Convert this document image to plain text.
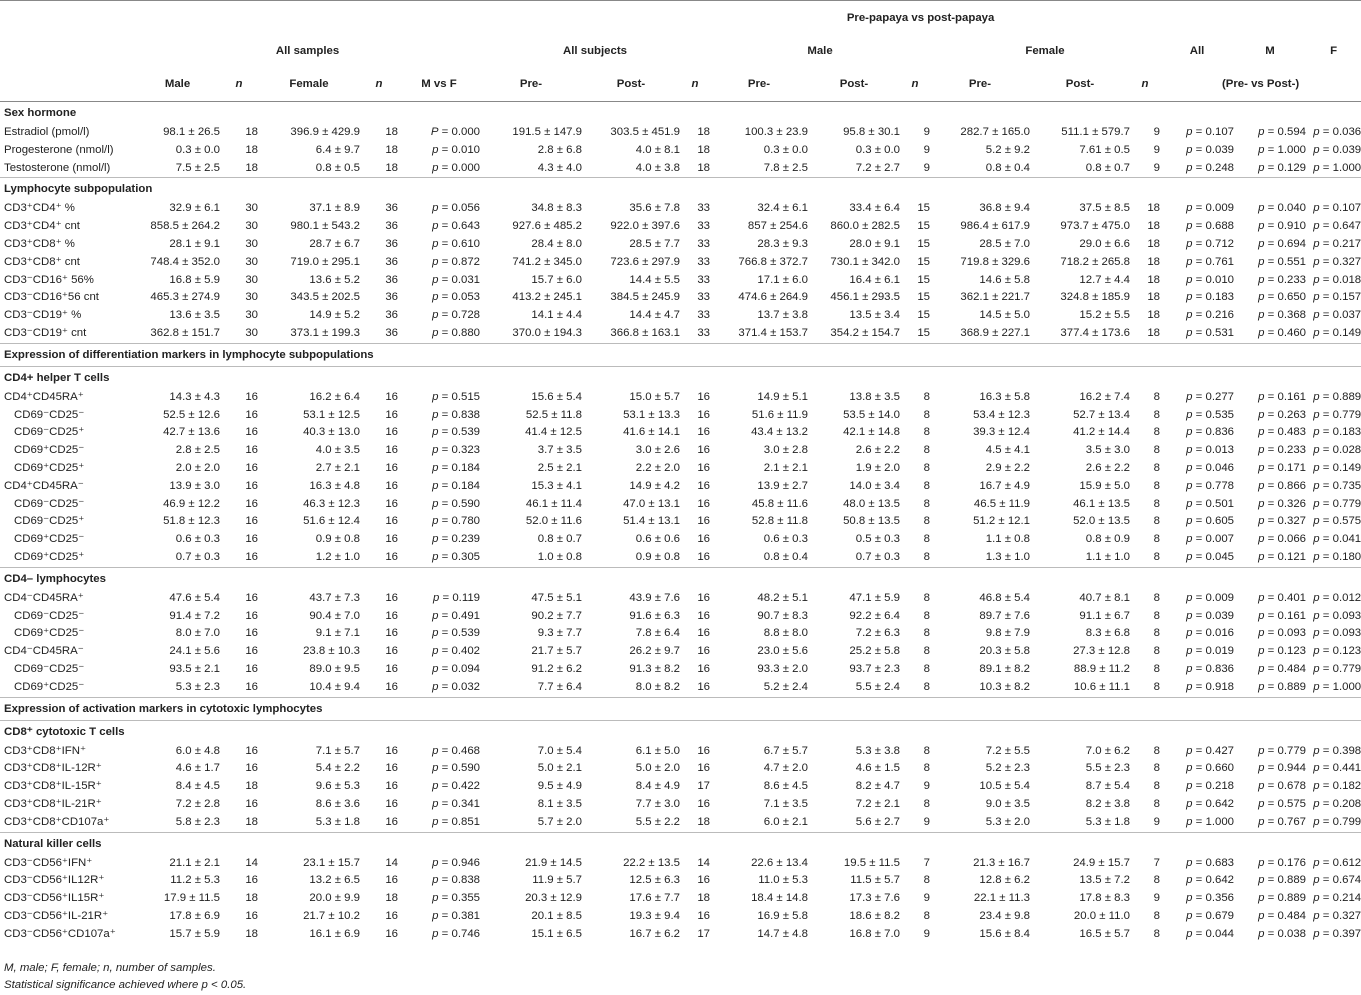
						Pre-papaya vs post-papaya											
	All samples					All subjects			Male			Female			All	M	F
	Male	n	Female	n	M vs F	Pre-	Post-	n	Pre-	Post-	n	Pre-	Post-	n	(Pre- vs Post-)		
Sex hormone																	
Estradiol (pmol/l)	98.1 ± 26.5	18	396.9 ± 429.9	18	P = 0.000	191.5 ± 147.9	303.5 ± 451.9	18	100.3 ± 23.9	95.8 ± 30.1	9	282.7 ± 165.0	511.1 ± 579.7	9	p = 0.107	p = 0.594	p = 0.036
Progesterone (nmol/l)	0.3 ± 0.0	18	6.4 ± 9.7	18	p = 0.010	2.8 ± 6.8	4.0 ± 8.1	18	0.3 ± 0.0	0.3 ± 0.0	9	5.2 ± 9.2	7.61 ± 0.5	9	p = 0.039	p = 1.000	p = 0.039
Testosterone (nmol/l)	7.5 ± 2.5	18	0.8 ± 0.5	18	p = 0.000	4.3 ± 4.0	4.0 ± 3.8	18	7.8 ± 2.5	7.2 ± 2.7	9	0.8 ± 0.4	0.8 ± 0.7	9	p = 0.248	p = 0.129	p = 1.000
Lymphocyte subpopulation																	
CD3⁺CD4⁺ %	32.9 ± 6.1	30	37.1 ± 8.9	36	p = 0.056	34.8 ± 8.3	35.6 ± 7.8	33	32.4 ± 6.1	33.4 ± 6.4	15	36.8 ± 9.4	37.5 ± 8.5	18	p = 0.009	p = 0.040	p = 0.107
CD3⁺CD4⁺ cnt	858.5 ± 264.2	30	980.1 ± 543.2	36	p = 0.643	927.6 ± 485.2	922.0 ± 397.6	33	857 ± 254.6	860.0 ± 282.5	15	986.4 ± 617.9	973.7 ± 475.0	18	p = 0.688	p = 0.910	p = 0.647
CD3⁺CD8⁺ %	28.1 ± 9.1	30	28.7 ± 6.7	36	p = 0.610	28.4 ± 8.0	28.5 ± 7.7	33	28.3 ± 9.3	28.0 ± 9.1	15	28.5 ± 7.0	29.0 ± 6.6	18	p = 0.712	p = 0.694	p = 0.217
CD3⁺CD8⁺ cnt	748.4 ± 352.0	30	719.0 ± 295.1	36	p = 0.872	741.2 ± 345.0	723.6 ± 297.9	33	766.8 ± 372.7	730.1 ± 342.0	15	719.8 ± 329.6	718.2 ± 265.8	18	p = 0.761	p = 0.551	p = 0.327
CD3⁻CD16⁺ 56%	16.8 ± 5.9	30	13.6 ± 5.2	36	p = 0.031	15.7 ± 6.0	14.4 ± 5.5	33	17.1 ± 6.0	16.4 ± 6.1	15	14.6 ± 5.8	12.7 ± 4.4	18	p = 0.010	p = 0.233	p = 0.018
CD3⁻CD16⁺56 cnt	465.3 ± 274.9	30	343.5 ± 202.5	36	p = 0.053	413.2 ± 245.1	384.5 ± 245.9	33	474.6 ± 264.9	456.1 ± 293.5	15	362.1 ± 221.7	324.8 ± 185.9	18	p = 0.183	p = 0.650	p = 0.157
CD3⁻CD19⁺ %	13.6 ± 3.5	30	14.9 ± 5.2	36	p = 0.728	14.1 ± 4.4	14.4 ± 4.7	33	13.7 ± 3.8	13.5 ± 3.4	15	14.5 ± 5.0	15.2 ± 5.5	18	p = 0.216	p = 0.368	p = 0.037
CD3⁻CD19⁺ cnt	362.8 ± 151.7	30	373.1 ± 199.3	36	p = 0.880	370.0 ± 194.3	366.8 ± 163.1	33	371.4 ± 153.7	354.2 ± 154.7	15	368.9 ± 227.1	377.4 ± 173.6	18	p = 0.531	p = 0.460	p = 0.149
Expression of differentiation markers in lymphocyte subpopulations																	
CD4+ helper T cells																	
CD4⁺CD45RA⁺	14.3 ± 4.3	16	16.2 ± 6.4	16	p = 0.515	15.6 ± 5.4	15.0 ± 5.7	16	14.9 ± 5.1	13.8 ± 3.5	8	16.3 ± 5.8	16.2 ± 7.4	8	p = 0.277	p = 0.161	p = 0.889
CD69⁻CD25⁻	52.5 ± 12.6	16	53.1 ± 12.5	16	p = 0.838	52.5 ± 11.8	53.1 ± 13.3	16	51.6 ± 11.9	53.5 ± 14.0	8	53.4 ± 12.3	52.7 ± 13.4	8	p = 0.535	p = 0.263	p = 0.779
CD69⁻CD25⁺	42.7 ± 13.6	16	40.3 ± 13.0	16	p = 0.539	41.4 ± 12.5	41.6 ± 14.1	16	43.4 ± 13.2	42.1 ± 14.8	8	39.3 ± 12.4	41.2 ± 14.4	8	p = 0.836	p = 0.483	p = 0.183
CD69⁺CD25⁻	2.8 ± 2.5	16	4.0 ± 3.5	16	p = 0.323	3.7 ± 3.5	3.0 ± 2.6	16	3.0 ± 2.8	2.6 ± 2.2	8	4.5 ± 4.1	3.5 ± 3.0	8	p = 0.013	p = 0.233	p = 0.028
CD69⁺CD25⁺	2.0 ± 2.0	16	2.7 ± 2.1	16	p = 0.184	2.5 ± 2.1	2.2 ± 2.0	16	2.1 ± 2.1	1.9 ± 2.0	8	2.9 ± 2.2	2.6 ± 2.2	8	p = 0.046	p = 0.171	p = 0.149
CD4⁺CD45RA⁻	13.9 ± 3.0	16	16.3 ± 4.8	16	p = 0.184	15.3 ± 4.1	14.9 ± 4.2	16	13.9 ± 2.7	14.0 ± 3.4	8	16.7 ± 4.9	15.9 ± 5.0	8	p = 0.778	p = 0.866	p = 0.735
CD69⁻CD25⁻	46.9 ± 12.2	16	46.3 ± 12.3	16	p = 0.590	46.1 ± 11.4	47.0 ± 13.1	16	45.8 ± 11.6	48.0 ± 13.5	8	46.5 ± 11.9	46.1 ± 13.5	8	p = 0.501	p = 0.326	p = 0.779
CD69⁻CD25⁺	51.8 ± 12.3	16	51.6 ± 12.4	16	p = 0.780	52.0 ± 11.6	51.4 ± 13.1	16	52.8 ± 11.8	50.8 ± 13.5	8	51.2 ± 12.1	52.0 ± 13.5	8	p = 0.605	p = 0.327	p = 0.575
CD69⁺CD25⁻	0.6 ± 0.3	16	0.9 ± 0.8	16	p = 0.239	0.8 ± 0.7	0.6 ± 0.6	16	0.6 ± 0.3	0.5 ± 0.3	8	1.1 ± 0.8	0.8 ± 0.9	8	p = 0.007	p = 0.066	p = 0.041
CD69⁺CD25⁺	0.7 ± 0.3	16	1.2 ± 1.0	16	p = 0.305	1.0 ± 0.8	0.9 ± 0.8	16	0.8 ± 0.4	0.7 ± 0.3	8	1.3 ± 1.0	1.1 ± 1.0	8	p = 0.045	p = 0.121	p = 0.180
CD4– lymphocytes																	
CD4⁻CD45RA⁺	47.6 ± 5.4	16	43.7 ± 7.3	16	p = 0.119	47.5 ± 5.1	43.9 ± 7.6	16	48.2 ± 5.1	47.1 ± 5.9	8	46.8 ± 5.4	40.7 ± 8.1	8	p = 0.009	p = 0.401	p = 0.012
CD69⁻CD25⁻	91.4 ± 7.2	16	90.4 ± 7.0	16	p = 0.491	90.2 ± 7.7	91.6 ± 6.3	16	90.7 ± 8.3	92.2 ± 6.4	8	89.7 ± 7.6	91.1 ± 6.7	8	p = 0.039	p = 0.161	p = 0.093
CD69⁺CD25⁻	8.0 ± 7.0	16	9.1 ± 7.1	16	p = 0.539	9.3 ± 7.7	7.8 ± 6.4	16	8.8 ± 8.0	7.2 ± 6.3	8	9.8 ± 7.9	8.3 ± 6.8	8	p = 0.016	p = 0.093	p = 0.093
CD4⁻CD45RA⁻	24.1 ± 5.6	16	23.8 ± 10.3	16	p = 0.402	21.7 ± 5.7	26.2 ± 9.7	16	23.0 ± 5.6	25.2 ± 5.8	8	20.3 ± 5.8	27.3 ± 12.8	8	p = 0.019	p = 0.123	p = 0.123
CD69⁻CD25⁻	93.5 ± 2.1	16	89.0 ± 9.5	16	p = 0.094	91.2 ± 6.2	91.3 ± 8.2	16	93.3 ± 2.0	93.7 ± 2.3	8	89.1 ± 8.2	88.9 ± 11.2	8	p = 0.836	p = 0.484	p = 0.779
CD69⁺CD25⁻	5.3 ± 2.3	16	10.4 ± 9.4	16	p = 0.032	7.7 ± 6.4	8.0 ± 8.2	16	5.2 ± 2.4	5.5 ± 2.4	8	10.3 ± 8.2	10.6 ± 11.1	8	p = 0.918	p = 0.889	p = 1.000
Expression of activation markers in cytotoxic lymphocytes																	
CD8⁺ cytotoxic T cells																	
CD3⁺CD8⁺IFN⁺	6.0 ± 4.8	16	7.1 ± 5.7	16	p = 0.468	7.0 ± 5.4	6.1 ± 5.0	16	6.7 ± 5.7	5.3 ± 3.8	8	7.2 ± 5.5	7.0 ± 6.2	8	p = 0.427	p = 0.779	p = 0.398
CD3⁺CD8⁺IL-12R⁺	4.6 ± 1.7	16	5.4 ± 2.2	16	p = 0.590	5.0 ± 2.1	5.0 ± 2.0	16	4.7 ± 2.0	4.6 ± 1.5	8	5.2 ± 2.3	5.5 ± 2.3	8	p = 0.660	p = 0.944	p = 0.441
CD3⁺CD8⁺IL-15R⁺	8.4 ± 4.5	18	9.6 ± 5.3	16	p = 0.422	9.5 ± 4.9	8.4 ± 4.9	17	8.6 ± 4.5	8.2 ± 4.7	9	10.5 ± 5.4	8.7 ± 5.4	8	p = 0.218	p = 0.678	p = 0.182
CD3⁺CD8⁺IL-21R⁺	7.2 ± 2.8	16	8.6 ± 3.6	16	p = 0.341	8.1 ± 3.5	7.7 ± 3.0	16	7.1 ± 3.5	7.2 ± 2.1	8	9.0 ± 3.5	8.2 ± 3.8	8	p = 0.642	p = 0.575	p = 0.208
CD3⁺CD8⁺CD107a⁺	5.8 ± 2.3	18	5.3 ± 1.8	16	p = 0.851	5.7 ± 2.0	5.5 ± 2.2	18	6.0 ± 2.1	5.6 ± 2.7	9	5.3 ± 2.0	5.3 ± 1.8	9	p = 1.000	p = 0.767	p = 0.799
Natural killer cells																	
CD3⁻CD56⁺IFN⁺	21.1 ± 2.1	14	23.1 ± 15.7	14	p = 0.946	21.9 ± 14.5	22.2 ± 13.5	14	22.6 ± 13.4	19.5 ± 11.5	7	21.3 ± 16.7	24.9 ± 15.7	7	p = 0.683	p = 0.176	p = 0.612
CD3⁻CD56⁺IL12R⁺	11.2 ± 5.3	16	13.2 ± 6.5	16	p = 0.838	11.9 ± 5.7	12.5 ± 6.3	16	11.0 ± 5.3	11.5 ± 5.7	8	12.8 ± 6.2	13.5 ± 7.2	8	p = 0.642	p = 0.889	p = 0.674
CD3⁻CD56⁺IL15R⁺	17.9 ± 11.5	18	20.0 ± 9.9	18	p = 0.355	20.3 ± 12.9	17.6 ± 7.7	18	18.4 ± 14.8	17.3 ± 7.6	9	22.1 ± 11.3	17.8 ± 8.3	9	p = 0.356	p = 0.889	p = 0.214
CD3⁻CD56⁺IL-21R⁺	17.8 ± 6.9	16	21.7 ± 10.2	16	p = 0.381	20.1 ± 8.5	19.3 ± 9.4	16	16.9 ± 5.8	18.6 ± 8.2	8	23.4 ± 9.8	20.0 ± 11.0	8	p = 0.679	p = 0.484	p = 0.327
CD3⁻CD56⁺CD107a⁺	15.7 ± 5.9	18	16.1 ± 6.9	16	p = 0.746	15.1 ± 6.5	16.7 ± 6.2	17	14.7 ± 4.8	16.8 ± 7.0	9	15.6 ± 8.4	16.5 ± 5.7	8	p = 0.044	p = 0.038	p = 0.397
M, male; F, female; n, number of samples.
Statistical significance achieved where p < 0.05.
